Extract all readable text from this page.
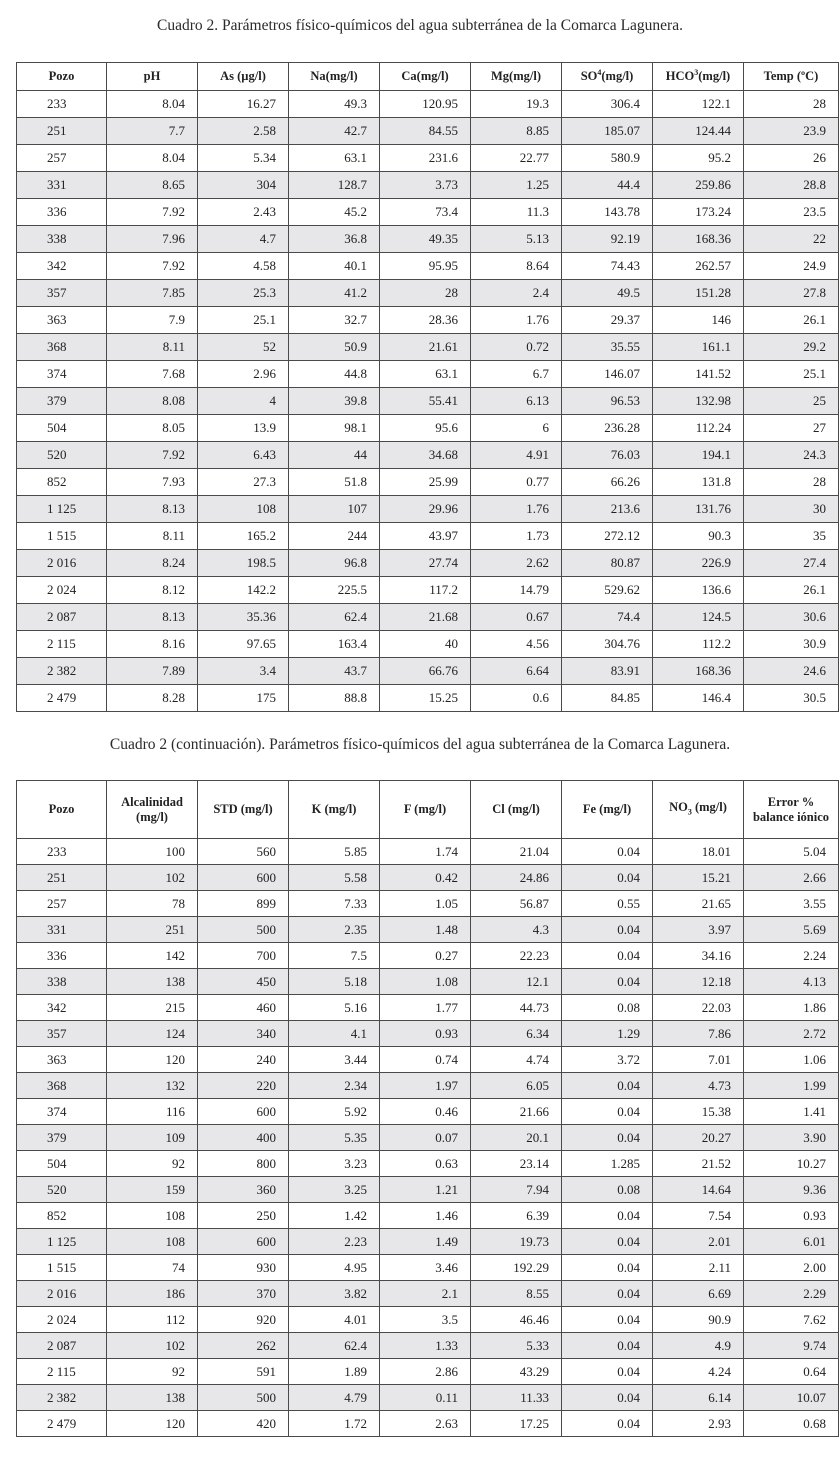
Cuadro 2. Parámetros físico-químicos del agua subterránea de la Comarca Lagunera.
Pozo	pH	As (µg/l)	Na(mg/l)	Ca(mg/l)	Mg(mg/l)	$SO^4(mg/l)$	HCO$^3$(mg/l)	Temp (ºC)
233	8.04	16.27	49.3	120.95	19.3	306.4	122.1	28
251	7.7	2.58	42.7	84.55	8.85	185.07	124.44	23.9
257	8.04	5.34	63.1	231.6	22.77	580.9	95.2	26
331	8.65	304	128.7	3.73	1.25	44.4	259.86	28.8
336	7.92	2.43	45.2	73.4	11.3	143.78	173.24	23.5
338	7.96	4.7	36.8	49.35	5.13	92.19	168.36	22
342	7.92	4.58	40.1	95.95	8.64	74.43	262.57	24.9
357	7.85	25.3	41.2	28	2.4	49.5	151.28	27.8
363	7.9	25.1	32.7	28.36	1.76	29.37	146	26.1
368	8.11	52	50.9	21.61	0.72	35.55	161.1	29.2
374	7.68	2.96	44.8	63.1	6.7	146.07	141.52	25.1
379	8.08	4	39.8	55.41	6.13	96.53	132.98	25
504	8.05	13.9	98.1	95.6	6	236.28	112.24	27
520	7.92	6.43	44	34.68	4.91	76.03	194.1	24.3
852	7.93	27.3	51.8	25.99	0.77	66.26	131.8	28
1 125	8.13	108	107	29.96	1.76	213.6	131.76	30
1 515	8.11	165.2	244	43.97	1.73	272.12	90.3	35
2 016	8.24	198.5	96.8	27.74	2.62	80.87	226.9	27.4
2 024	8.12	142.2	225.5	117.2	14.79	529.62	136.6	26.1
2 087	8.13	35.36	62.4	21.68	0.67	74.4	124.5	30.6
2 115	8.16	97.65	163.4	40	4.56	304.76	112.2	30.9
2 382	7.89	3.4	43.7	66.76	6.64	83.91	168.36	24.6
2 479	8.28	175	88.8	15.25	0.6	84.85	146.4	30.5
Cuadro 2 (continuación). Parámetros físico-químicos del agua subterránea de la Comarca Lagunera.
Pozo	Alcalinidad (mg/l)	STD (mg/l)	K (mg/l)	F (mg/l)	Cl (mg/l)	Fe (mg/l)	$NO_3$ (mg/l)	Error % balance iónico
233	100	560	5.85	1.74	21.04	0.04	18.01	5.04
251	102	600	5.58	0.42	24.86	0.04	15.21	2.66
257	78	899	7.33	1.05	56.87	0.55	21.65	3.55
331	251	500	2.35	1.48	4.3	0.04	3.97	5.69
336	142	700	7.5	0.27	22.23	0.04	34.16	2.24
338	138	450	5.18	1.08	12.1	0.04	12.18	4.13
342	215	460	5.16	1.77	44.73	0.08	22.03	1.86
357	124	340	4.1	0.93	6.34	1.29	7.86	2.72
363	120	240	3.44	0.74	4.74	3.72	7.01	1.06
368	132	220	2.34	1.97	6.05	0.04	4.73	1.99
374	116	600	5.92	0.46	21.66	0.04	15.38	1.41
379	109	400	5.35	0.07	20.1	0.04	20.27	3.90
504	92	800	3.23	0.63	23.14	1.285	21.52	10.27
520	159	360	3.25	1.21	7.94	0.08	14.64	9.36
852	108	250	1.42	1.46	6.39	0.04	7.54	0.93
1 125	108	600	2.23	1.49	19.73	0.04	2.01	6.01
1 515	74	930	4.95	3.46	192.29	0.04	2.11	2.00
2 016	186	370	3.82	2.1	8.55	0.04	6.69	2.29
2 024	112	920	4.01	3.5	46.46	0.04	90.9	7.62
2 087	102	262	62.4	1.33	5.33	0.04	4.9	9.74
2 115	92	591	1.89	2.86	43.29	0.04	4.24	0.64
2 382	138	500	4.79	0.11	11.33	0.04	6.14	10.07
2 479	120	420	1.72	2.63	17.25	0.04	2.93	0.68
